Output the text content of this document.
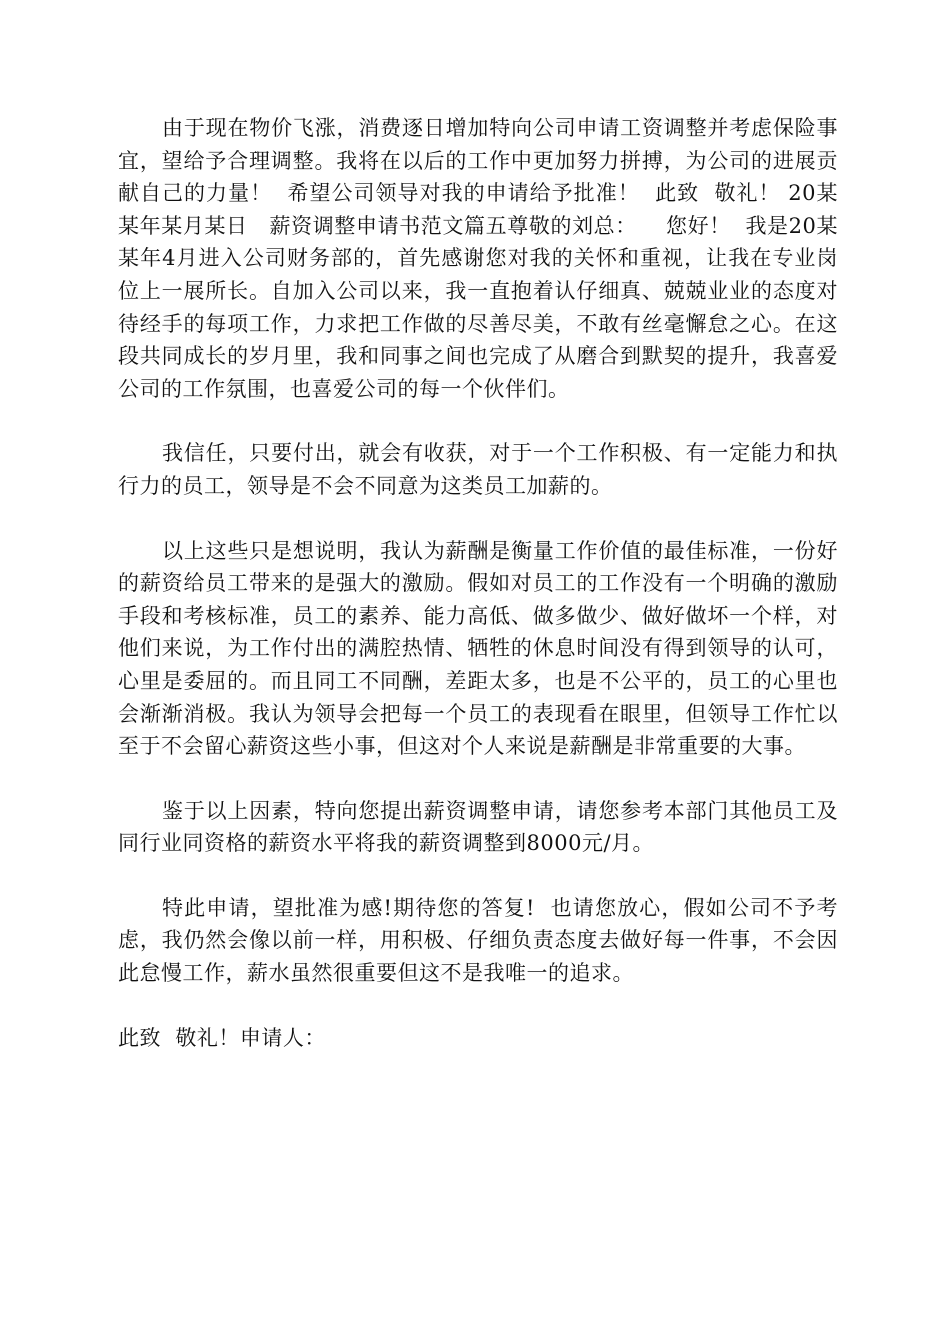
由于现在物价飞涨，消费逐日增加特向公司申请工资调整并考虑保险事宜，望给予合理调整。我将在以后的工作中更加努力拼搏，为公司的进展贡献自己的力量！  希望公司领导对我的申请给予批准！  此致  敬礼！ 20某某年某月某日   薪资调整申请书范文篇五尊敬的刘总：    您好！  我是20某某年4月进入公司财务部的，首先感谢您对我的关怀和重视，让我在专业岗位上一展所长。自加入公司以来，我一直抱着认仔细真、兢兢业业的态度对待经手的每项工作，力求把工作做的尽善尽美，不敢有丝毫懈怠之心。在这段共同成长的岁月里，我和同事之间也完成了从磨合到默契的提升，我喜爱公司的工作氛围，也喜爱公司的每一个伙伴们。

我信任，只要付出，就会有收获，对于一个工作积极、有一定能力和执行力的员工，领导是不会不同意为这类员工加薪的。

以上这些只是想说明，我认为薪酬是衡量工作价值的最佳标准，一份好的薪资给员工带来的是强大的激励。假如对员工的工作没有一个明确的激励手段和考核标准，员工的素养、能力高低、做多做少、做好做坏一个样，对他们来说，为工作付出的满腔热情、牺牲的休息时间没有得到领导的认可，心里是委屈的。而且同工不同酬，差距太多，也是不公平的，员工的心里也会渐渐消极。我认为领导会把每一个员工的表现看在眼里，但领导工作忙以至于不会留心薪资这些小事，但这对个人来说是薪酬是非常重要的大事。

鉴于以上因素，特向您提出薪资调整申请，请您参考本部门其他员工及同行业同资格的薪资水平将我的薪资调整到8000元/月。

特此申请，望批准为感!期待您的答复!  也请您放心，假如公司不予考虑，我仍然会像以前一样，用积极、仔细负责态度去做好每一件事，不会因此怠慢工作，薪水虽然很重要但这不是我唯一的追求。

此致  敬礼！申请人：
